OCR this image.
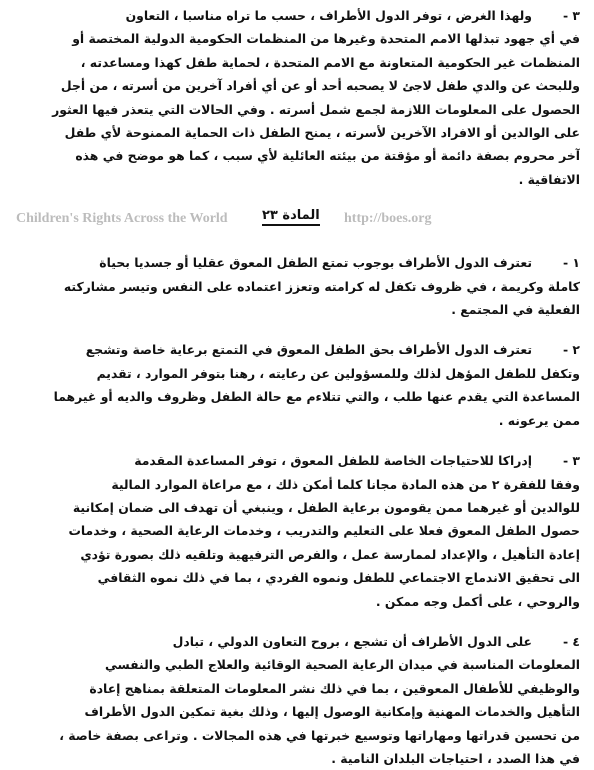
٣ -ولهذا الغرض ، توفر الدول الأطراف ، حسب ما تراه مناسبا ، التعاون
في أي جهود تبذلها الامم المتحدة وغيرها من المنظمات الحكومية الدولية المختصة أو
المنظمات غير الحكومية المتعاونة مع الامم المتحدة ، لحماية طفل كهذا ومساعدته ،
وللبحث عن والدي طفل لاجئ لا يصحبه أحد أو عن أي أفراد آخرين من أسرته ، من أجل
الحصول على المعلومات اللازمة لجمع شمل أسرته . وفي الحالات التي يتعذر فيها العثور
على الوالدين أو الافراد الآخرين لأسرته ، يمنح الطفل ذات الحماية الممنوحة لأي طفل
آخر محروم بصفة دائمة أو مؤقتة من بيئته العائلية لأي سبب ، كما هو موضح في هذه
الاتفاقية .
Children's Rights Across the World	المادة ٢٣ http://boes.org
١ -تعترف الدول الأطراف بوجوب تمتع الطفل المعوق عقليا أو جسديا بحياة
كاملة وكريمة ، في ظروف تكفل له كرامته وتعزز اعتماده على النفس وتيسر مشاركته
الفعلية في المجتمع .
٢ -تعترف الدول الأطراف بحق الطفل المعوق في التمتع برعاية خاصة وتشجع
وتكفل للطفل المؤهل لذلك وللمسؤولين عن رعايته ، رهنا بتوفر الموارد ، تقديم
المساعدة التي يقدم عنها طلب ، والتي تتلاءم مع حالة الطفل وظروف والديه أو غيرهما
ممن يرعونه .
٣ -إدراكا للاحتياجات الخاصة للطفل المعوق ، توفر المساعدة المقدمة
وفقا للفقرة ٢ من هذه المادة مجانا كلما أمكن ذلك ، مع مراعاة الموارد المالية
للوالدين أو غيرهما ممن يقومون برعاية الطفل ، وينبغي أن تهدف الى ضمان إمكانية
حصول الطفل المعوق فعلا على التعليم والتدريب ، وخدمات الرعاية الصحية ، وخدمات
إعادة التأهيل ، والإعداد لممارسة عمل ، والفرص الترفيهية وتلقيه ذلك بصورة تؤدي
الى تحقيق الاندماج الاجتماعي للطفل ونموه الفردي ، بما في ذلك نموه الثقافي
والروحي ، على أكمل وجه ممكن .
٤ -على الدول الأطراف أن تشجع ، بروح التعاون الدولي ، تبادل
المعلومات المناسبة في ميدان الرعاية الصحية الوقائية والعلاج الطبي والنفسي
والوظيفي للأطفال المعوقين ، بما في ذلك نشر المعلومات المتعلقة بمناهج إعادة
التأهيل والخدمات المهنية وإمكانية الوصول إليها ، وذلك بغية تمكين الدول الأطراف
من تحسين قدراتها ومهاراتها وتوسيع خبرتها في هذه المجالات . وتراعى بصفة خاصة ،
في هذا الصدد ، احتياجات البلدان النامية .
